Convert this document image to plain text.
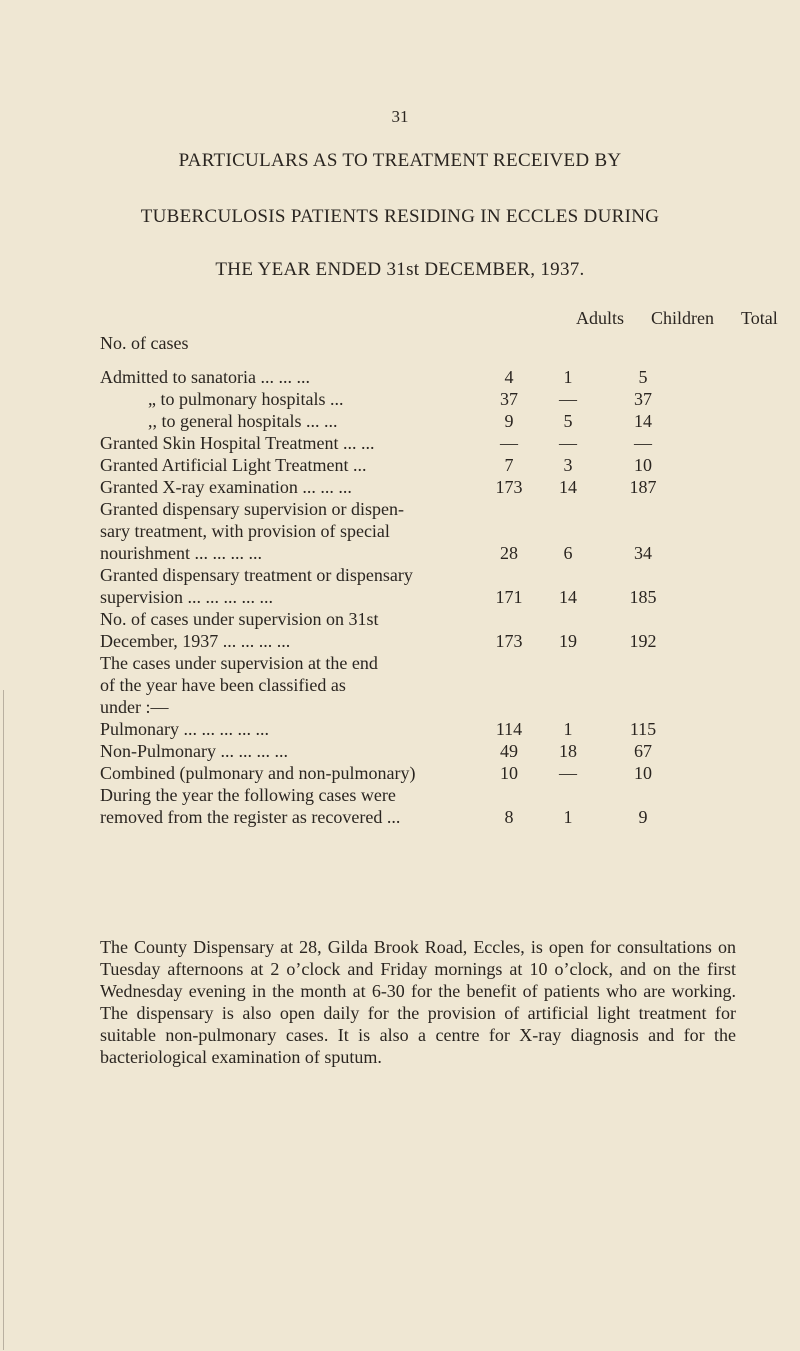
31
PARTICULARS AS TO TREATMENT RECEIVED BY
TUBERCULOSIS PATIENTS RESIDING IN ECCLES DURING
THE YEAR ENDED 31st DECEMBER, 1937.
Adults Children Total
No. of cases
Admitted to sanatoria ... ... ...	4	1	5
„ to pulmonary hospitals ...	37	—	37
,, to general hospitals ... ...	9	5	14
Granted Skin Hospital Treatment ... ...	—	—	—
Granted Artificial Light Treatment ...	7	3	10
Granted X-ray examination ... ... ...	173	14	187
Granted dispensary supervision or dispen-
sary treatment, with provision of special
nourishment ... ... ... ...	28	6	34
Granted dispensary treatment or dispensary
supervision ... ... ... ... ...	171	14	185
No. of cases under supervision on 31st
December, 1937 ... ... ... ...	173	19	192
The cases under supervision at the end
of the year have been classified as
under :—
Pulmonary ... ... ... ... ...	114	1	115
Non-Pulmonary ... ... ... ...	49	18	67
Combined (pulmonary and non-pulmonary)	10	—	10
During the year the following cases were
removed from the register as recovered ...	8	1	9
The County Dispensary at 28, Gilda Brook Road, Eccles, is open for consultations on Tuesday afternoons at 2 o’clock and Friday mornings at 10 o’clock, and on the first Wednesday evening in the month at 6-30 for the benefit of patients who are working. The dispensary is also open daily for the provision of artificial light treatment for suitable non-pulmonary cases. It is also a centre for X-ray diagnosis and for the bacteriological examination of sputum.
